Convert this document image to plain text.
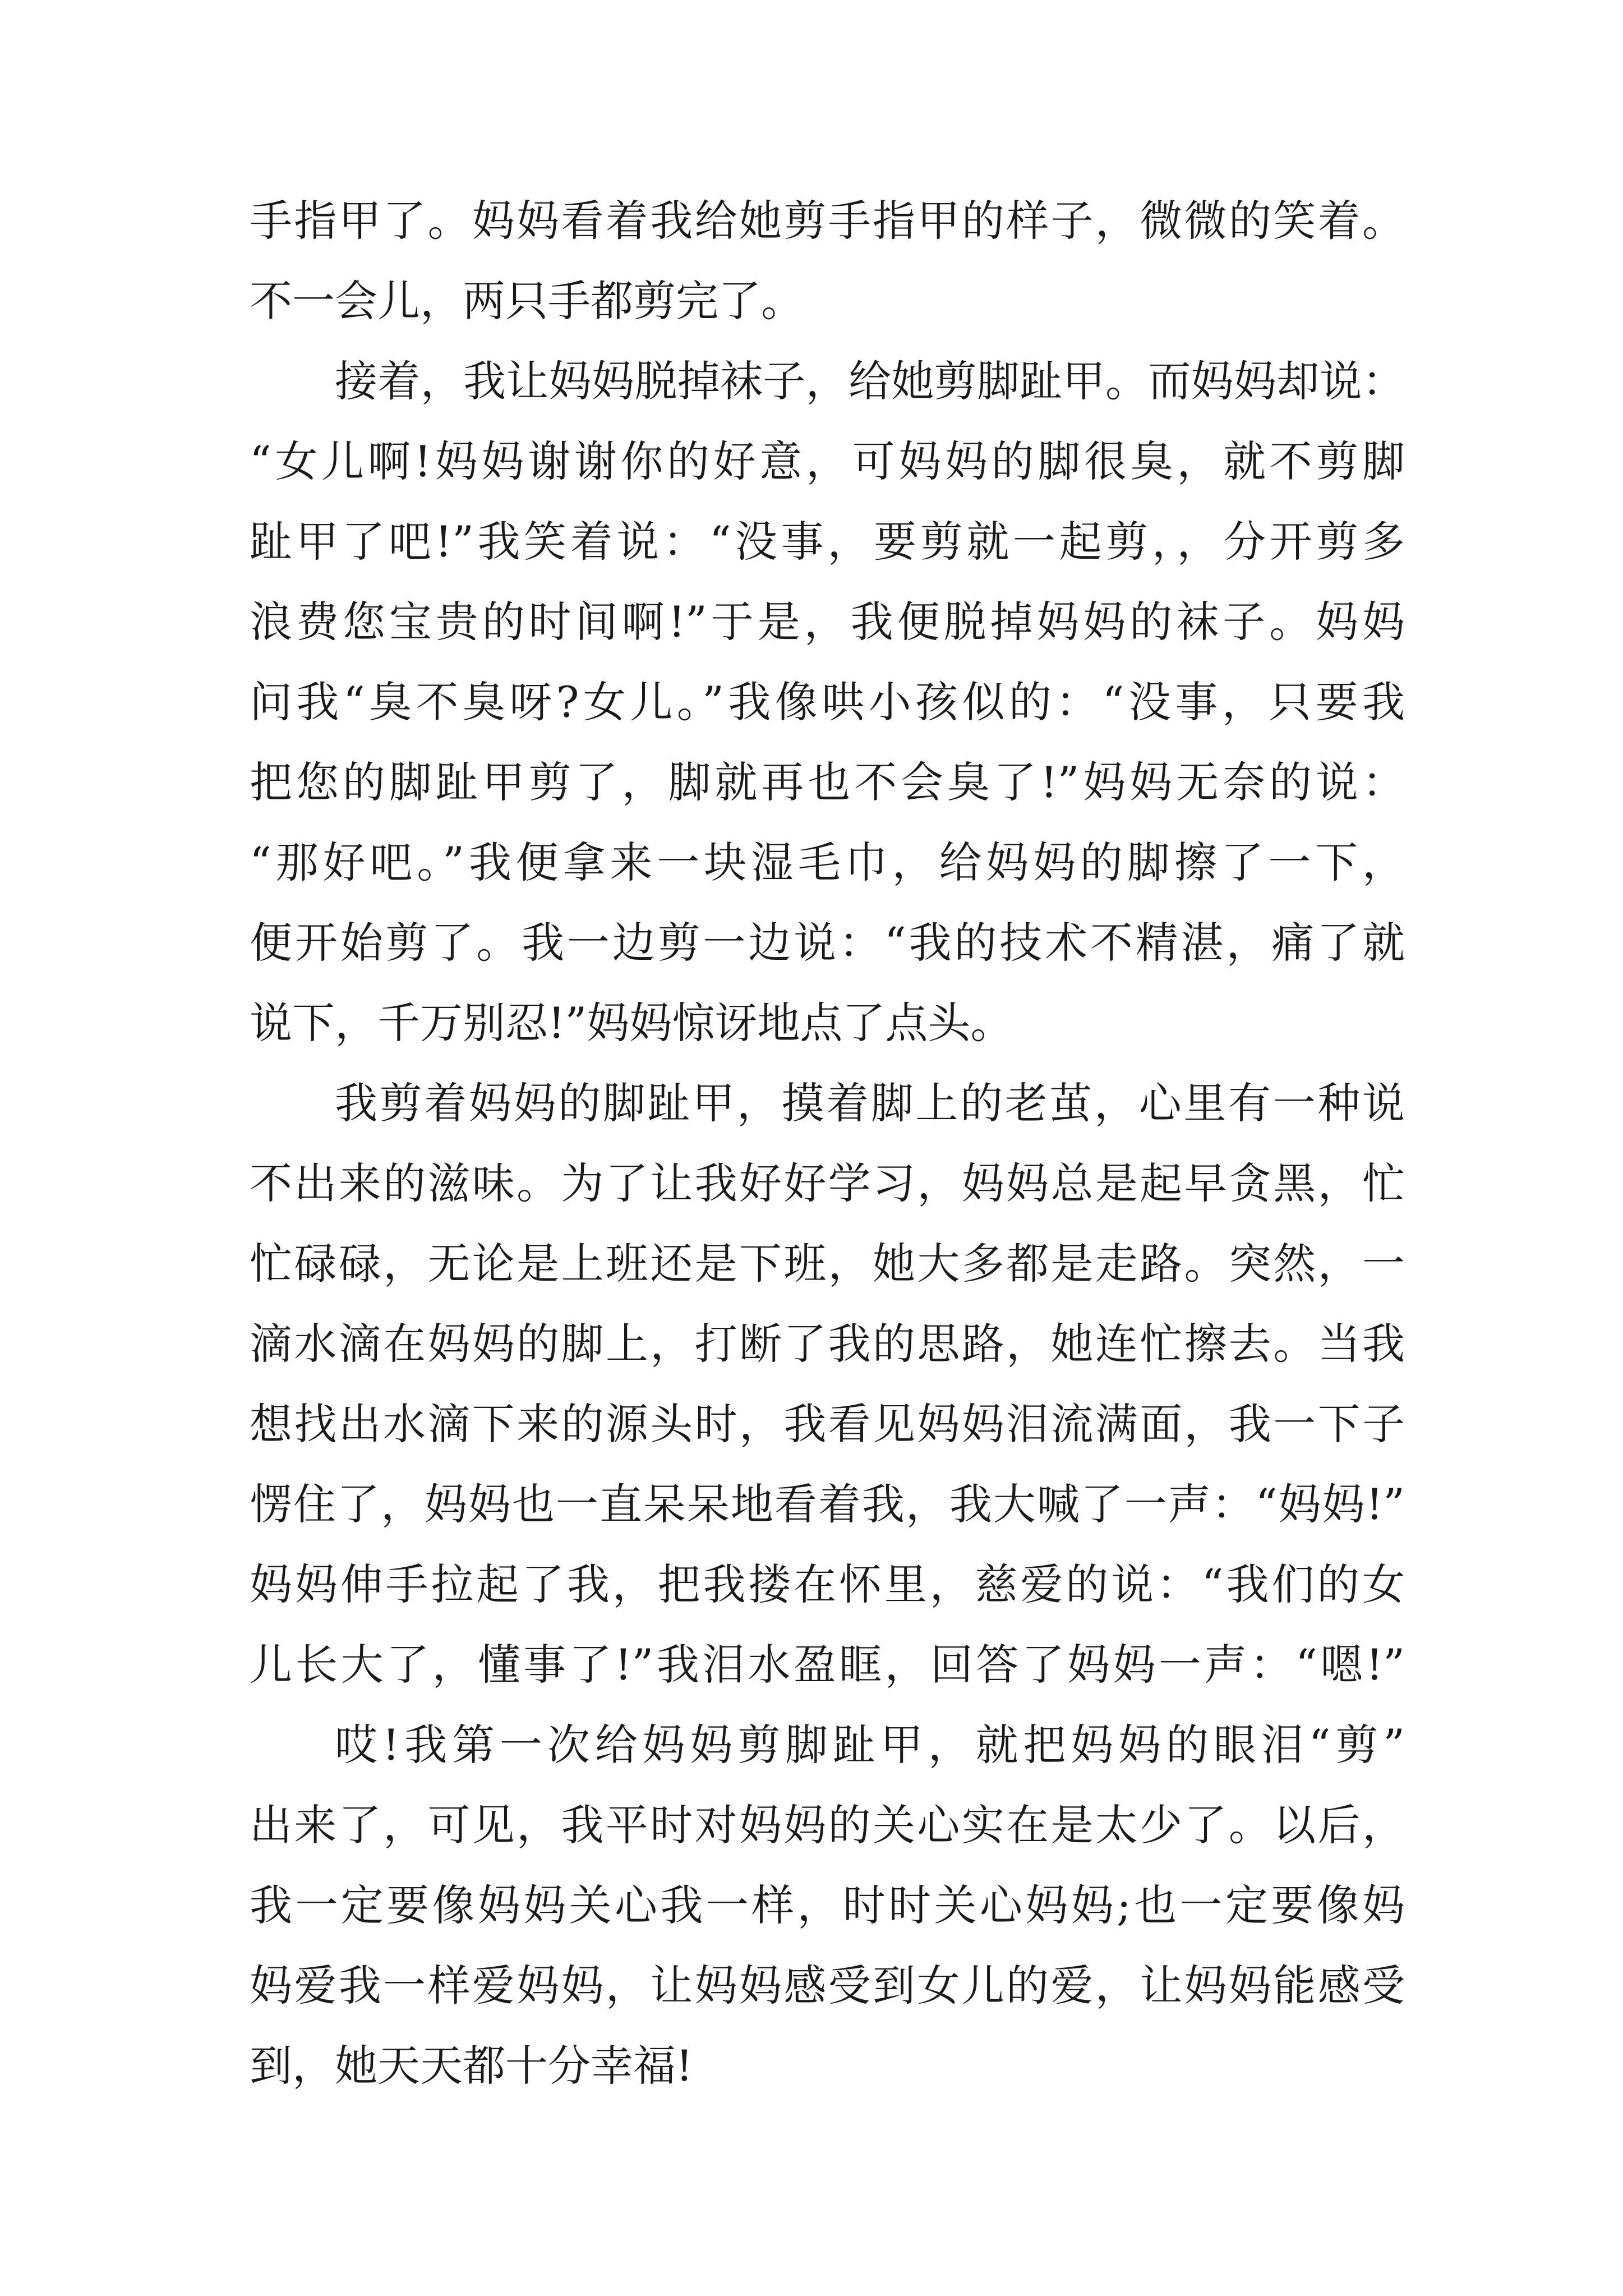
手指甲了。妈妈看着我给她剪手指甲的样子，微微的笑着。
不一会儿，两只手都剪完了。
接着，我让妈妈脱掉袜子，给她剪脚趾甲。而妈妈却说：
“女儿啊!妈妈谢谢你的好意，可妈妈的脚很臭，就不剪脚
趾甲了吧!”我笑着说：“没事，要剪就一起剪，，分开剪多
浪费您宝贵的时间啊!”于是，我便脱掉妈妈的袜子。妈妈
问我“臭不臭呀?女儿。”我像哄小孩似的：“没事，只要我
把您的脚趾甲剪了，脚就再也不会臭了!”妈妈无奈的说：
“那好吧。”我便拿来一块湿毛巾，给妈妈的脚擦了一下，
便开始剪了。我一边剪一边说：“我的技术不精湛，痛了就
说下，千万别忍!”妈妈惊讶地点了点头。
我剪着妈妈的脚趾甲，摸着脚上的老茧，心里有一种说
不出来的滋味。为了让我好好学习，妈妈总是起早贪黑，忙
忙碌碌，无论是上班还是下班，她大多都是走路。突然，一
滴水滴在妈妈的脚上，打断了我的思路，她连忙擦去。当我
想找出水滴下来的源头时，我看见妈妈泪流满面，我一下子
愣住了，妈妈也一直呆呆地看着我，我大喊了一声：“妈妈!”
妈妈伸手拉起了我，把我搂在怀里，慈爱的说：“我们的女
儿长大了，懂事了!”我泪水盈眶，回答了妈妈一声：“嗯!”
哎!我第一次给妈妈剪脚趾甲，就把妈妈的眼泪“剪”
出来了，可见，我平时对妈妈的关心实在是太少了。以后，
我一定要像妈妈关心我一样，时时关心妈妈;也一定要像妈
妈爱我一样爱妈妈，让妈妈感受到女儿的爱，让妈妈能感受
到，她天天都十分幸福!
